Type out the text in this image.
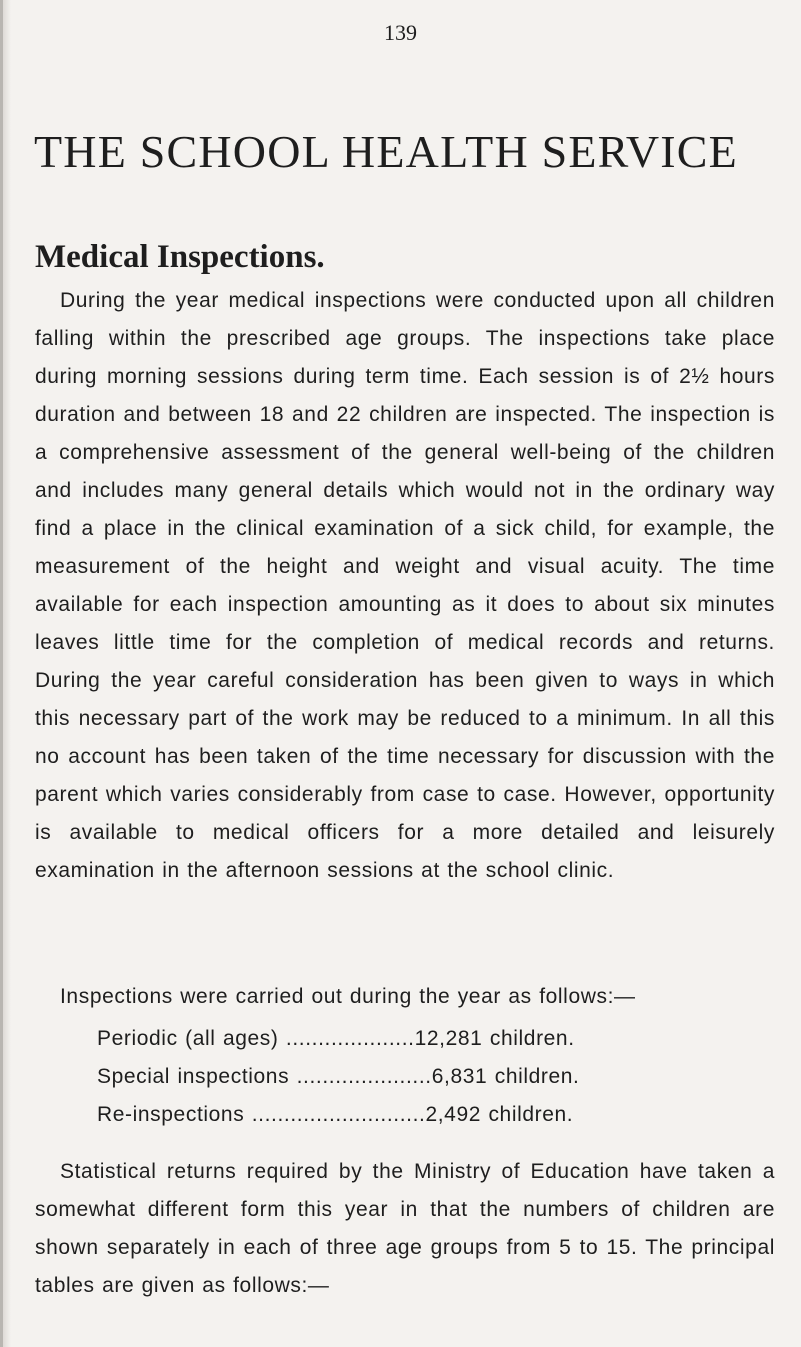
139
THE SCHOOL HEALTH SERVICE
Medical Inspections.

During the year medical inspections were conducted upon all children falling within the prescribed age groups. The inspections take place during morning sessions during term time. Each session is of 2½ hours duration and between 18 and 22 children are inspected. The inspection is a comprehensive assessment of the general well-being of the children and includes many general details which would not in the ordinary way find a place in the clinical examination of a sick child, for example, the measurement of the height and weight and visual acuity. The time available for each inspection amounting as it does to about six minutes leaves little time for the completion of medical records and returns. During the year careful consideration has been given to ways in which this necessary part of the work may be reduced to a minimum. In all this no account has been taken of the time necessary for discussion with the parent which varies considerably from case to case. However, opportunity is available to medical officers for a more detailed and leisurely examination in the afternoon sessions at the school clinic.

Inspections were carried out during the year as follows:—

Periodic (all ages) ....................12,281 children.
Special inspections .....................6,831 children.
Re-inspections ...........................2,492 children.

Statistical returns required by the Ministry of Education have taken a somewhat different form this year in that the numbers of children are shown separately in each of three age groups from 5 to 15. The principal tables are given as follows:—
